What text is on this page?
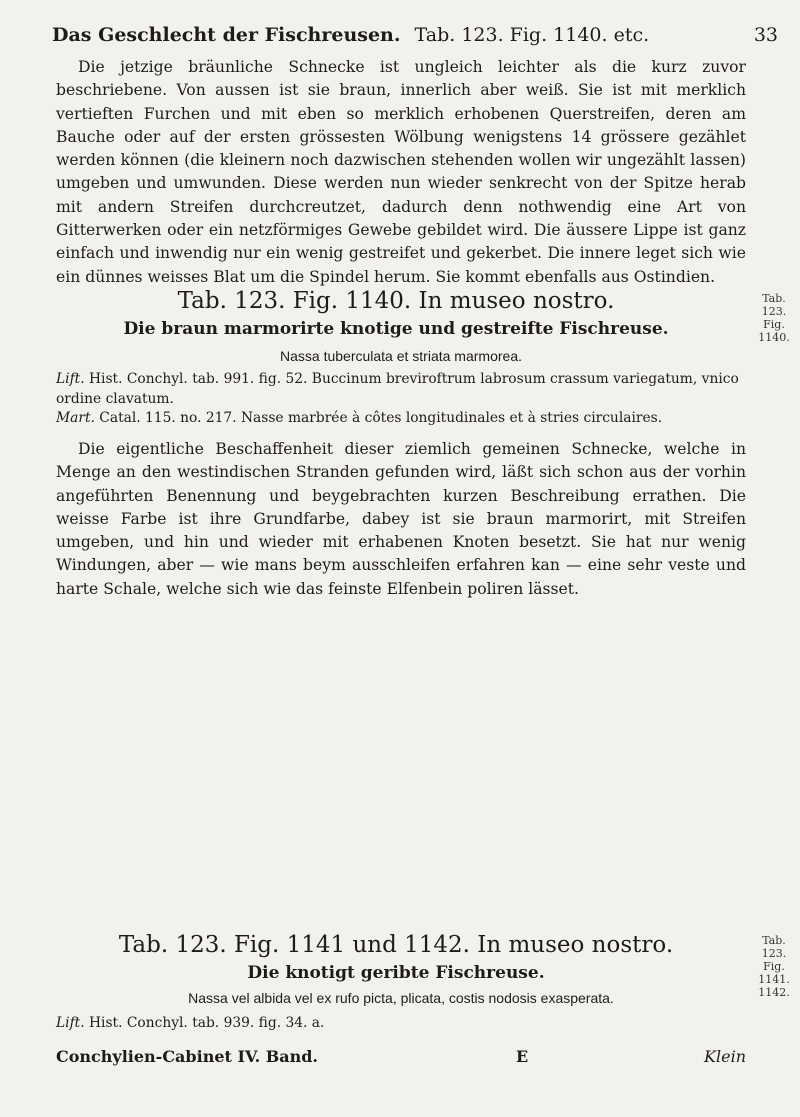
Das Geschlecht der Fischreusen. Tab. 123. Fig. 1140. etc.	33
Die jetzige bräunliche Schnecke ist ungleich leichter als die kurz zuvor beschriebene. Von aussen ist sie braun, innerlich aber weiß. Sie ist mit merklich vertieften Furchen und mit eben so merklich erhobenen Querstreifen, deren am Bauche oder auf der ersten grössesten Wölbung wenigstens 14 grössere gezählet werden können (die kleinern noch dazwischen stehenden wollen wir ungezählt lassen) umgeben und umwunden. Diese werden nun wieder senkrecht von der Spitze herab mit andern Streifen durchcreutzet, dadurch denn nothwendig eine Art von Gitterwerken oder ein netzförmiges Gewebe gebildet wird. Die äussere Lippe ist ganz einfach und inwendig nur ein wenig gestreifet und gekerbet. Die innere leget sich wie ein dünnes weisses Blat um die Spindel herum. Sie kommt ebenfalls aus Ostindien.
Tab. 123. Fig. 1140. In museo nostro.
Die braun marmorirte knotige und gestreifte Fischreuse.
Tab. 123. Fig. 1140.
Nassa tuberculata et striata marmorea.
Lift. Hist. Conchyl. tab. 991. fig. 52. Buccinum breviroftrum labrosum crassum variegatum, vnico ordine clavatum.
Mart. Catal. 115. no. 217. Nasse marbrée à côtes longitudinales et à stries circulaires.
Die eigentliche Beschaffenheit dieser ziemlich gemeinen Schnecke, welche in Menge an den westindischen Stranden gefunden wird, läßt sich schon aus der vorhin angeführten Benennung und beygebrachten kurzen Beschreibung errathen. Die weisse Farbe ist ihre Grundfarbe, dabey ist sie braun marmorirt, mit Streifen umgeben, und hin und wieder mit erhabenen Knoten besetzt. Sie hat nur wenig Windungen, aber — wie mans beym ausschleifen erfahren kan — eine sehr veste und harte Schale, welche sich wie das feinste Elfenbein poliren lässet.
Tab. 123. Fig. 1141 und 1142. In museo nostro.
Die knotigt geribte Fischreuse.
Tab. 123. Fig. 1141. 1142.
Nassa vel albida vel ex rufo picta, plicata, costis nodosis exasperata.
Lift. Hist. Conchyl. tab. 939. fig. 34. a.
Conchylien-Cabinet IV. Band.	E	Klein
